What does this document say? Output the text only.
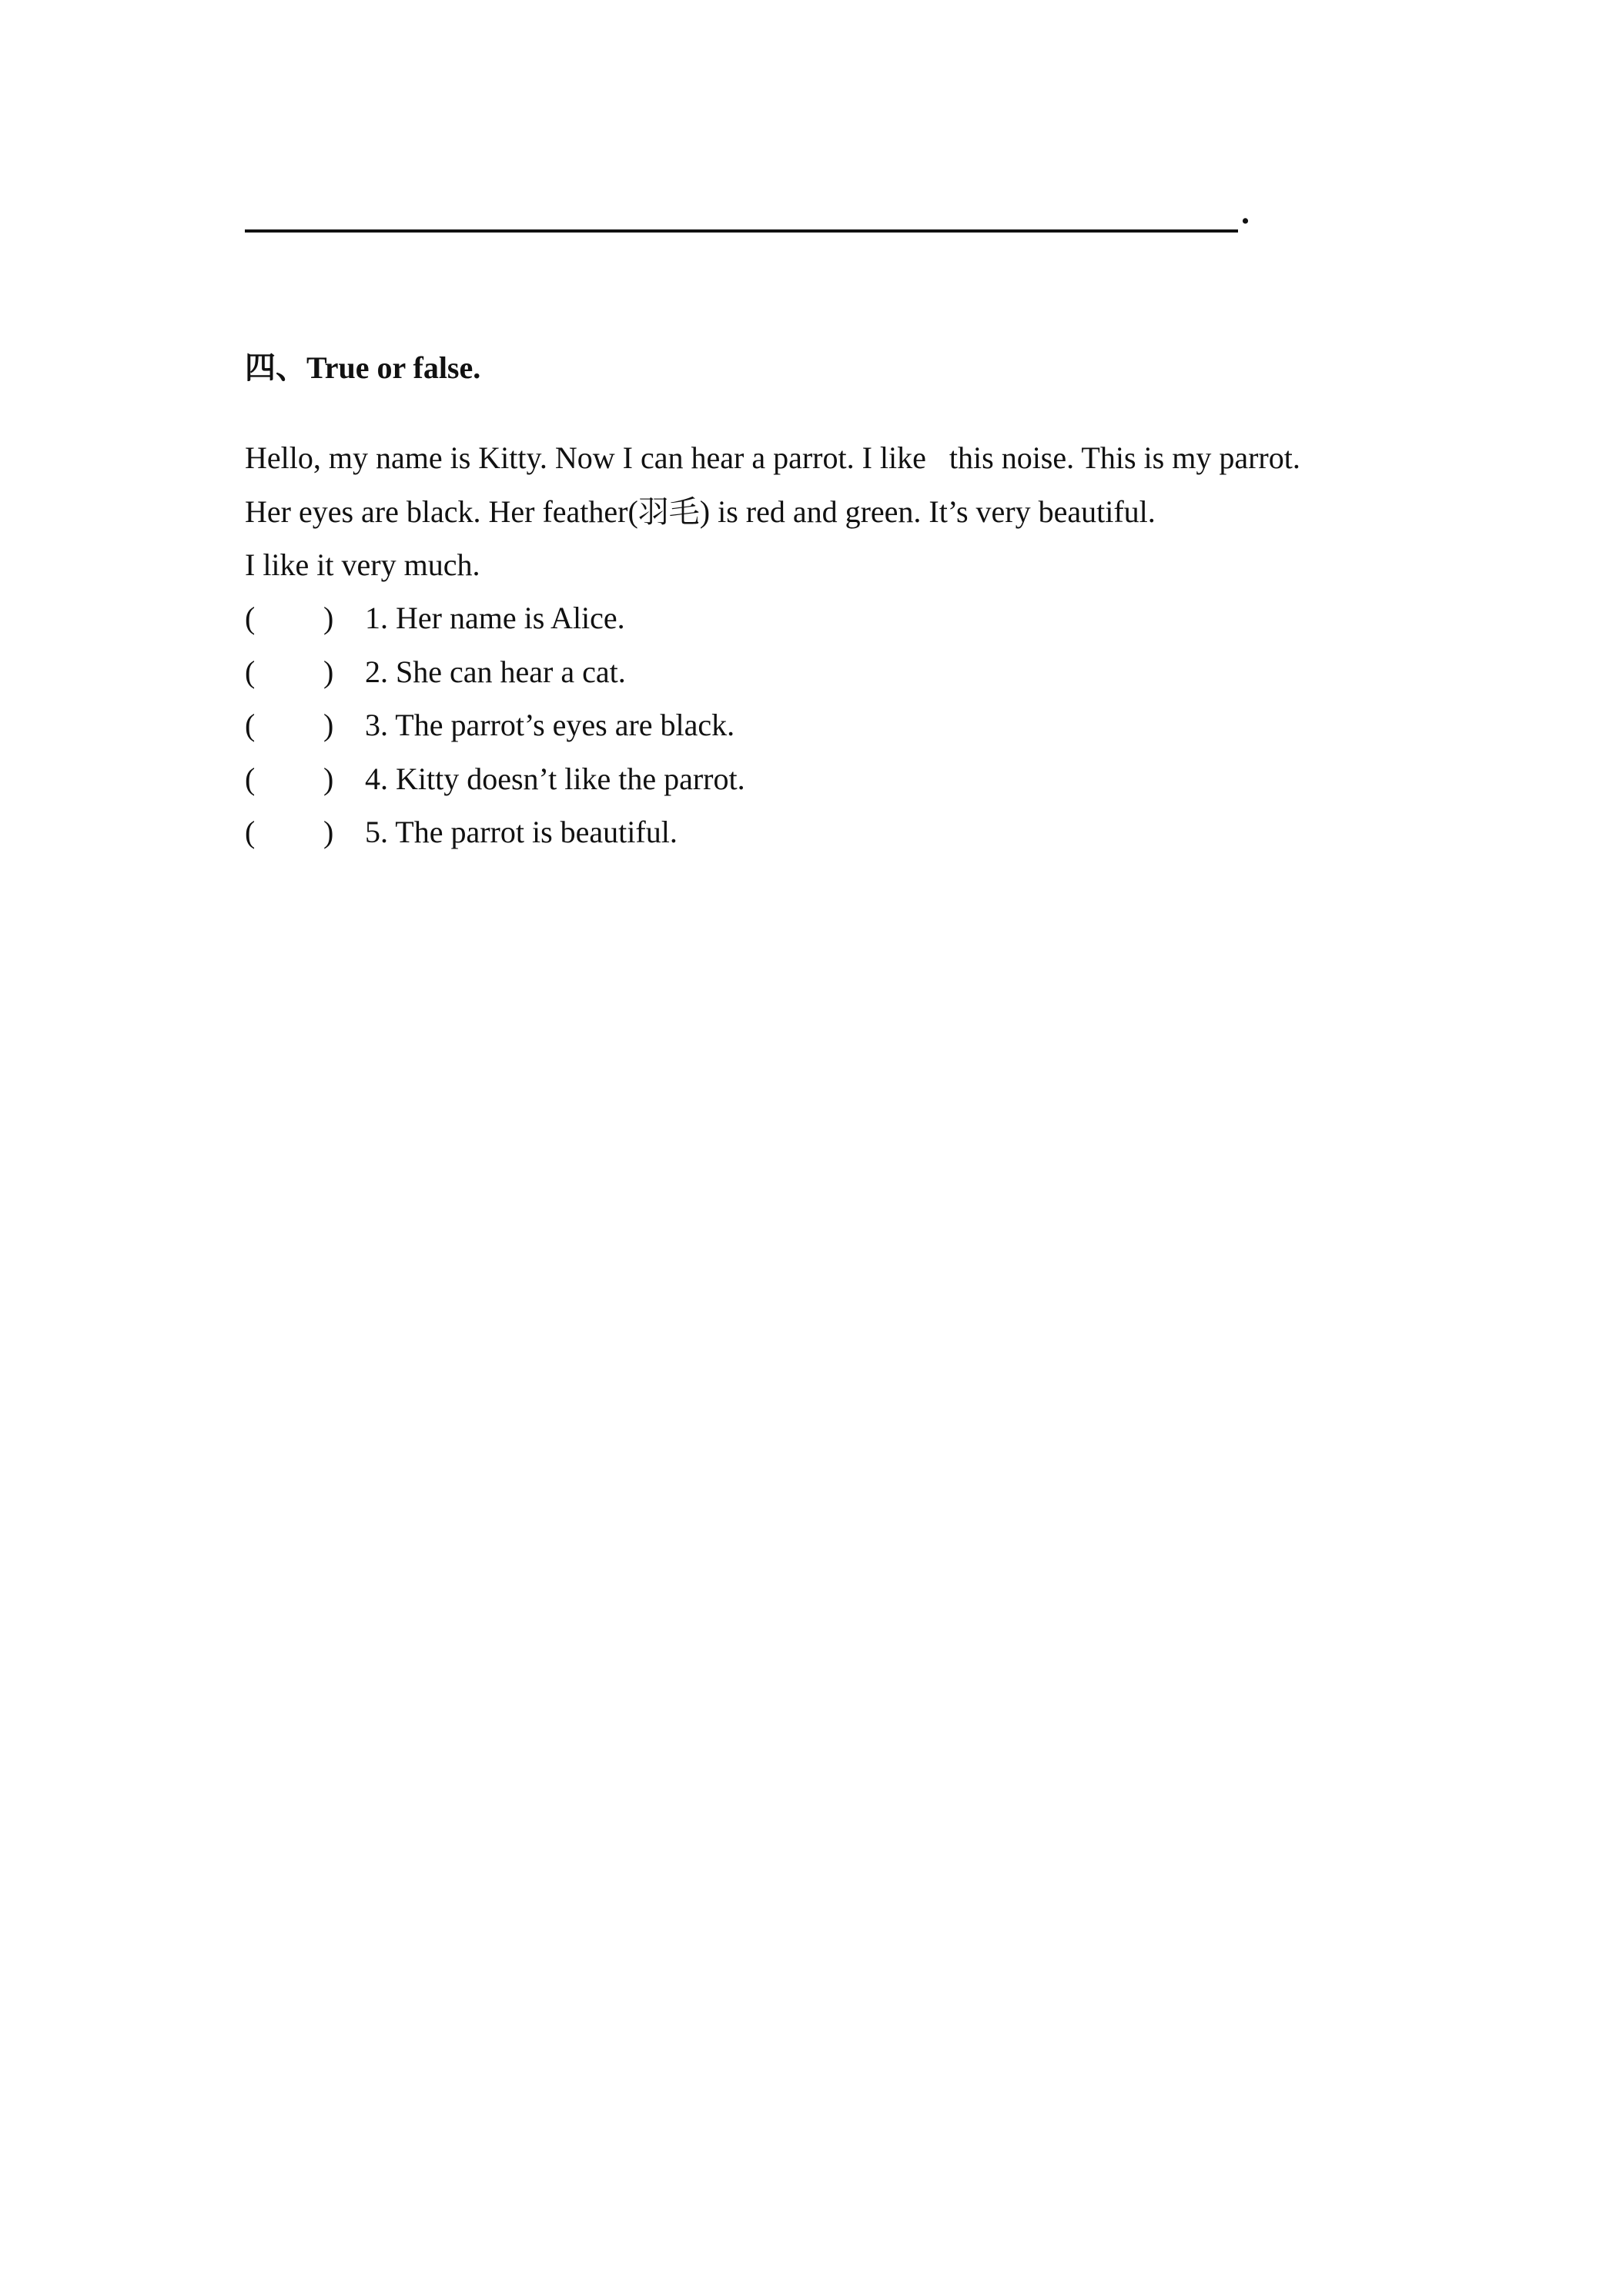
.
四、True or false.
Hello, my name is Kitty. Now I can hear a parrot. I like   this noise. This is my parrot.
Her eyes are black. Her feather(羽毛) is red and green. It’s very beautiful.
I like it very much.
( ) 1. Her name is Alice.
( ) 2. She can hear a cat.
( ) 3. The parrot’s eyes are black.
( ) 4. Kitty doesn’t like the parrot.
( ) 5. The parrot is beautiful.
